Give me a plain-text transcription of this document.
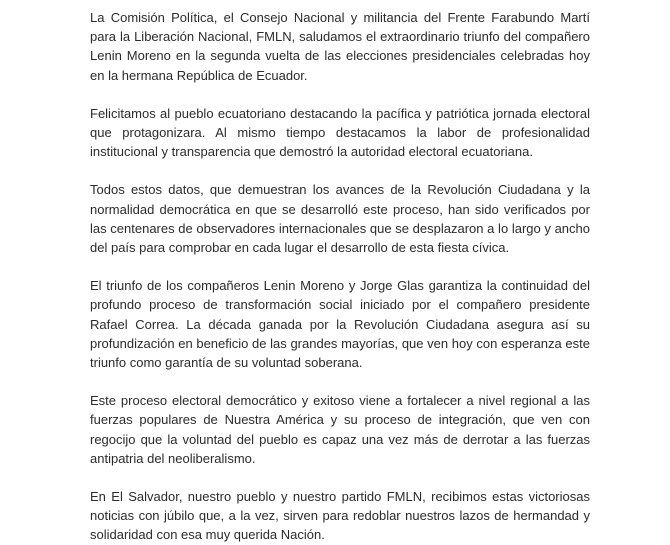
La Comisión Política, el Consejo Nacional y militancia del Frente Farabundo Martí para la Liberación Nacional, FMLN, saludamos el extraordinario triunfo del compañero Lenin Moreno en la segunda vuelta de las elecciones presidenciales celebradas hoy en la hermana República de Ecuador.

Felicitamos al pueblo ecuatoriano destacando la pacífica y patriótica jornada electoral que protagonizara. Al mismo tiempo destacamos la labor de profesionalidad institucional y transparencia que demostró la autoridad electoral ecuatoriana.

Todos estos datos, que demuestran los avances de la Revolución Ciudadana y la normalidad democrática en que se desarrolló este proceso, han sido verificados por las centenares de observadores internacionales que se desplazaron a lo largo y ancho del país para comprobar en cada lugar el desarrollo de esta fiesta cívica.

El triunfo de los compañeros Lenin Moreno y Jorge Glas garantiza la continuidad del profundo proceso de transformación social iniciado por el compañero presidente Rafael Correa. La década ganada por la Revolución Ciudadana asegura así su profundización en beneficio de las grandes mayorías, que ven hoy con esperanza este triunfo como garantía de su voluntad soberana.

Este proceso electoral democrático y exitoso viene a fortalecer a nivel regional a las fuerzas populares de Nuestra América y su proceso de integración, que ven con regocijo que la voluntad del pueblo es capaz una vez más de derrotar a las fuerzas antipatria del neoliberalismo.

En El Salvador, nuestro pueblo y nuestro partido FMLN, recibimos estas victoriosas noticias con júbilo que, a la vez, sirven para redoblar nuestros lazos de hermandad y solidaridad con esa muy querida Nación.
